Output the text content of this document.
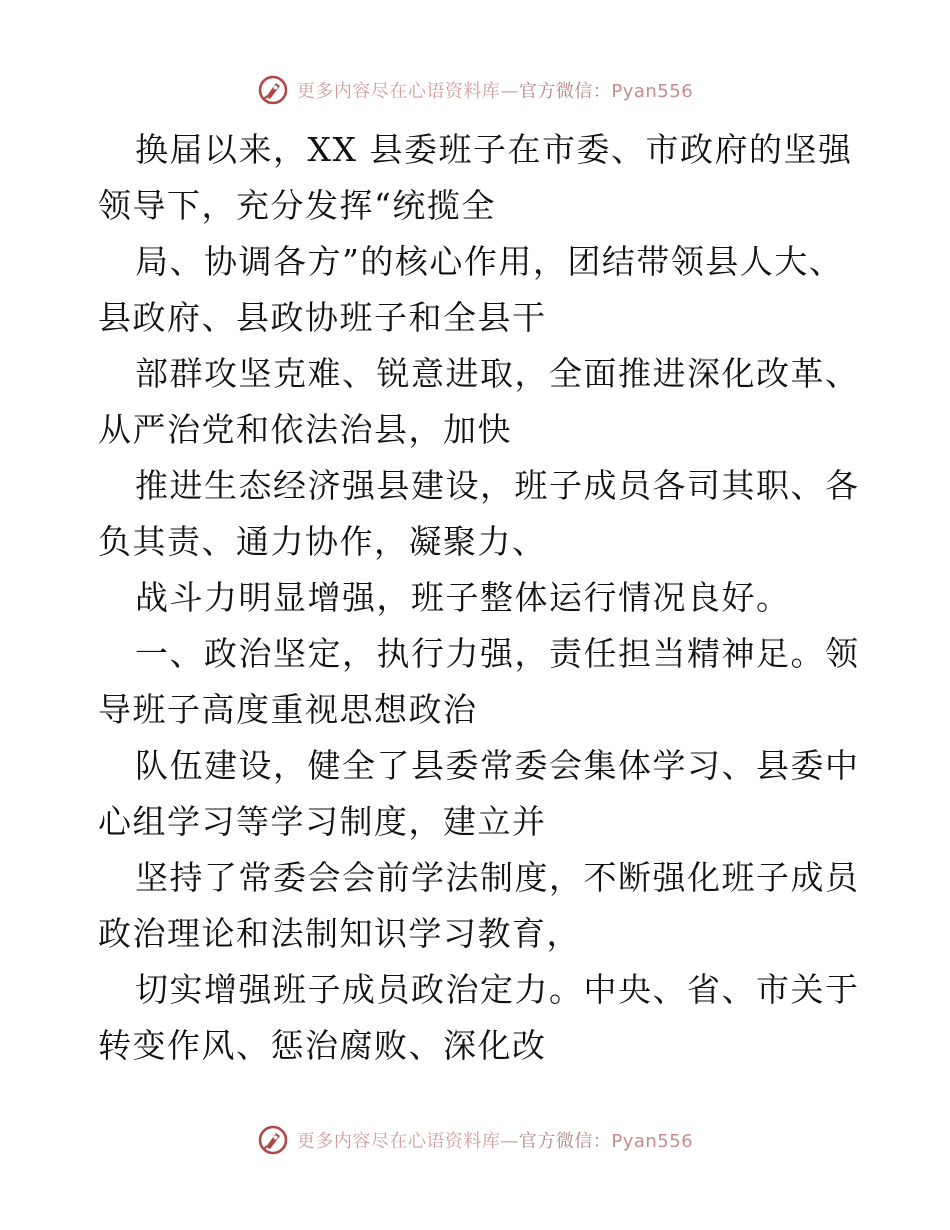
更多内容尽在心语资料库—官方微信：Pyan556
换届以来，XX 县委班子在市委、市政府的坚强
领导下，充分发挥“统揽全
局、协调各方”的核心作用，团结带领县人大、
县政府、县政协班子和全县干
部群攻坚克难、锐意进取，全面推进深化改革、
从严治党和依法治县，加快
推进生态经济强县建设，班子成员各司其职、各
负其责、通力协作，凝聚力、
战斗力明显增强，班子整体运行情况良好。
一、政治坚定，执行力强，责任担当精神足。领
导班子高度重视思想政治
队伍建设，健全了县委常委会集体学习、县委中
心组学习等学习制度，建立并
坚持了常委会会前学法制度，不断强化班子成员
政治理论和法制知识学习教育，
切实增强班子成员政治定力。中央、省、市关于
转变作风、惩治腐败、深化改
更多内容尽在心语资料库—官方微信：Pyan556
